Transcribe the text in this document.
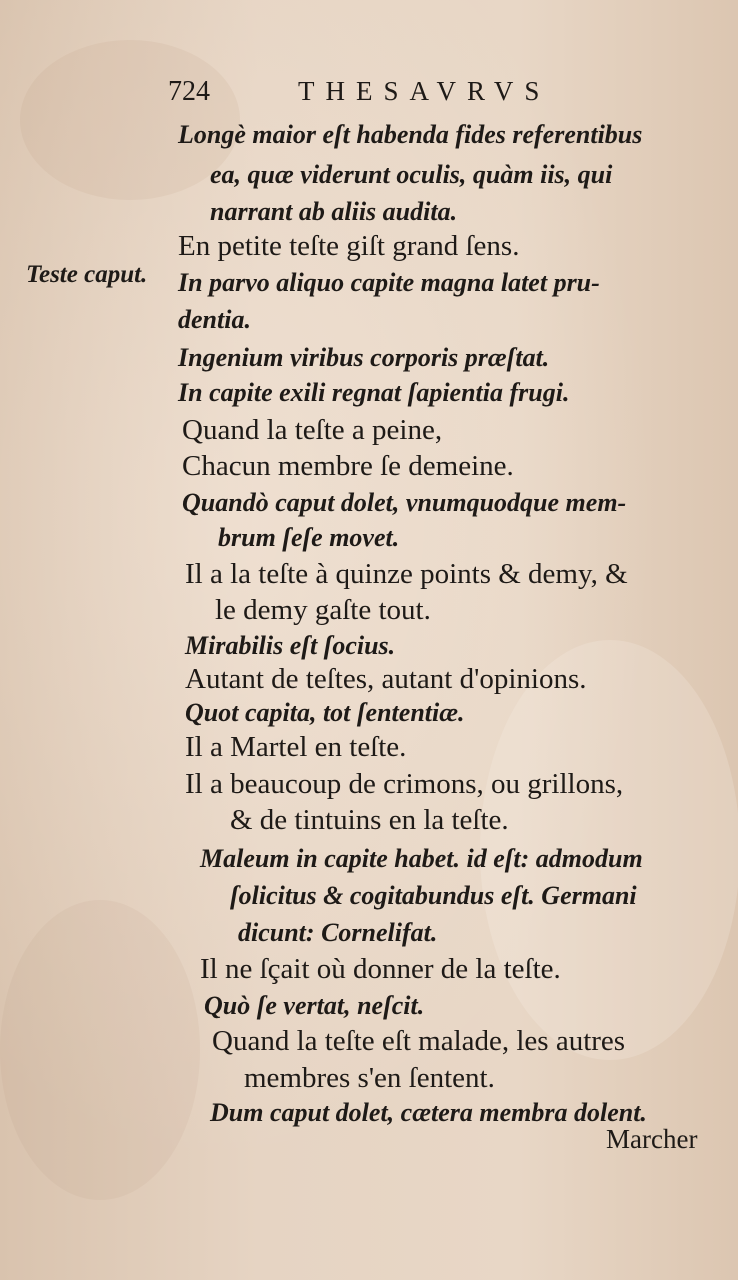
724	THESAVRVS
Teste caput.
Longè maior eſt habenda fides referentibus
ea, quæ viderunt oculis, quàm iis, qui
narrant ab aliis audita.
En petite teſte giſt grand ſens.
In parvo aliquo capite magna latet pru-
dentia.
Ingenium viribus corporis præſtat.
In capite exili regnat ſapientia frugi.
Quand la teſte a peine,
Chacun membre ſe demeine.
Quandò caput dolet, vnumquodque mem-
brum ſeſe movet.
Il a la teſte à quinze points & demy, &
le demy gaſte tout.
Mirabilis eſt ſocius.
Autant de teſtes, autant d'opinions.
Quot capita, tot ſententiæ.
Il a Martel en teſte.
Il a beaucoup de crimons, ou grillons,
& de tintuins en la teſte.
Maleum in capite habet. id eſt: admodum
ſolicitus & cogitabundus eſt. Germani
dicunt: Cornelifat.
Il ne ſçait où donner de la teſte.
Quò ſe vertat, neſcit.
Quand la teſte eſt malade, les autres
membres s'en ſentent.
Dum caput dolet, cætera membra dolent.
Marcher
